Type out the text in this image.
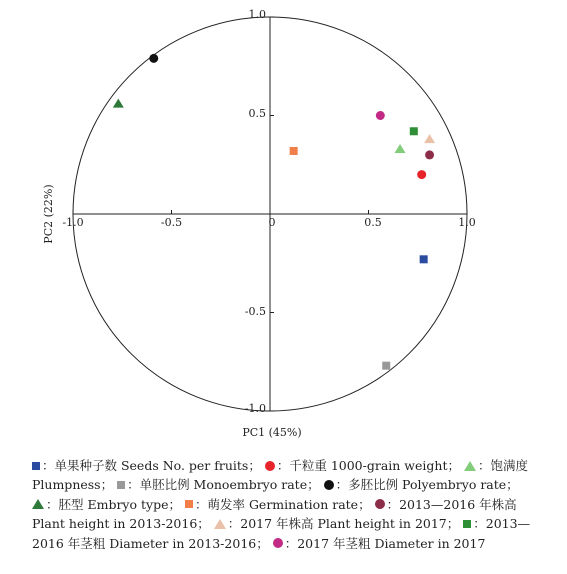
-1.0	-0.5	0	0.5	1.0
1.0
0.5
-0.5
-1.0
PC1 (45%)
PC2 (22%)
：单果种子数 Seeds No. per fruits； ：千粒重 1000-grain weight； ：饱满度 Plumpness； ：单胚比例 Monoembryo rate； ：多胚比例 Polyembryo rate； ：胚型 Embryo type； ：萌发率 Germination rate； ：2013—2016 年株高 Plant height in 2013-2016； ：2017 年株高 Plant height in 2017； ：2013—2016 年茎粗 Diameter in 2013-2016； ：2017 年茎粗 Diameter in 2017
